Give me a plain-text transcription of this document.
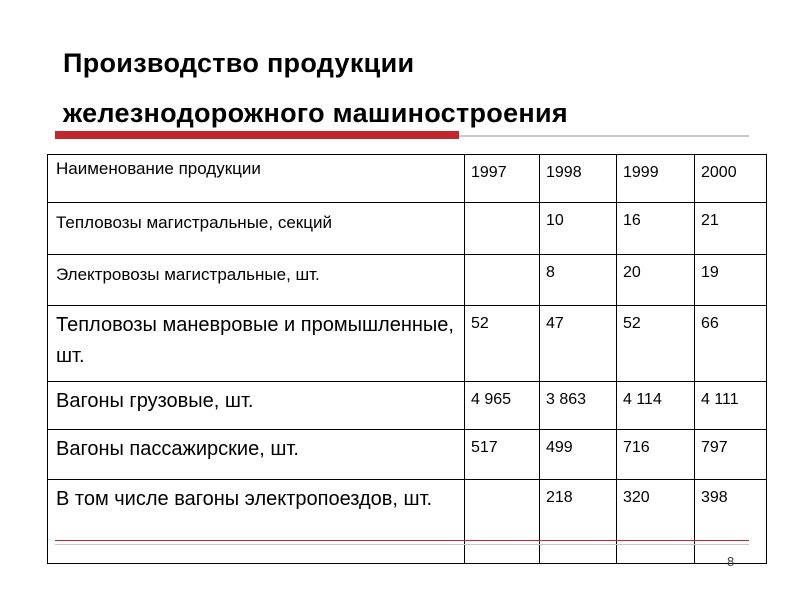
Производство продукции
железнодорожного машиностроения
Наименование продукции	1997	1998	1999	2000
Тепловозы магистральные, секций		10	16	21
Электровозы магистральные, шт.		8	20	19
Тепловозы маневровые и промышленные, шт.	52	47	52	66
Вагоны грузовые, шт.	4 965	3 863	4 114	4 111
Вагоны пассажирские, шт.	517	499	716	797
В том числе вагоны электропоездов, шт.		218	320	398
8
